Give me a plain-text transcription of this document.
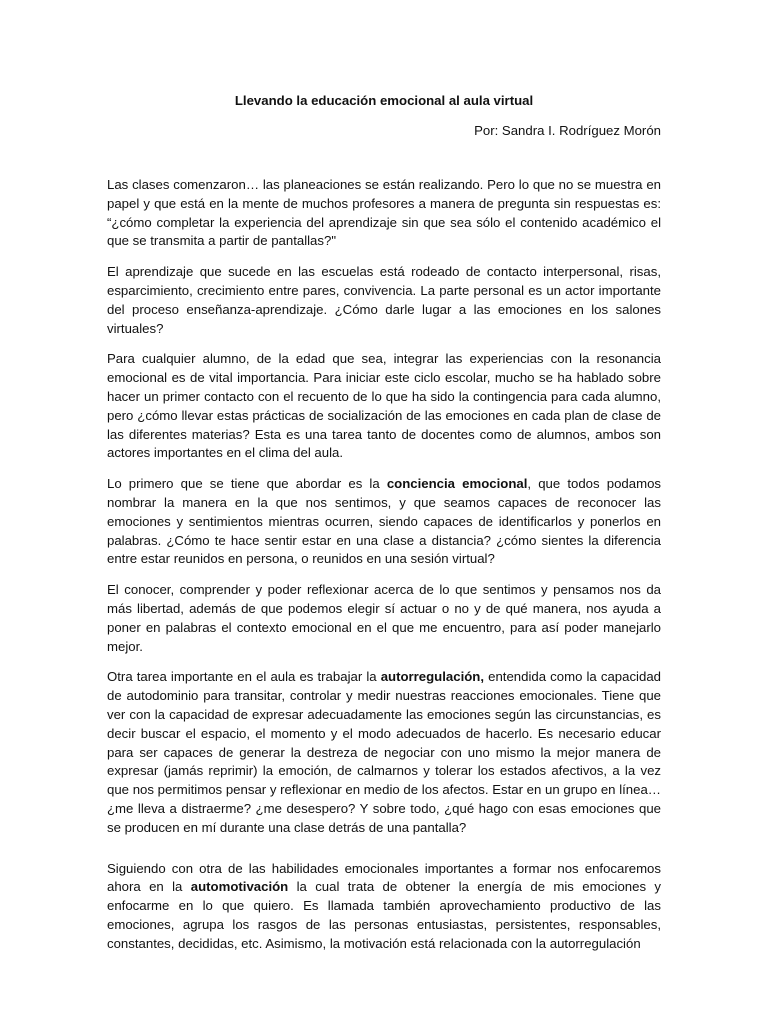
Llevando la educación emocional al aula virtual
Por: Sandra I. Rodríguez Morón

Las clases comenzaron… las planeaciones se están realizando. Pero lo que no se muestra en papel y que está en la mente de muchos profesores a manera de pregunta sin respuestas es: “¿cómo completar la experiencia del aprendizaje sin que sea sólo el contenido académico el que se transmita a partir de pantallas?"

El aprendizaje que sucede en las escuelas está rodeado de contacto interpersonal, risas, esparcimiento, crecimiento entre pares, convivencia. La parte personal es un actor importante del proceso enseñanza-aprendizaje. ¿Cómo darle lugar a las emociones en los salones virtuales?

Para cualquier alumno, de la edad que sea, integrar las experiencias con la resonancia emocional es de vital importancia. Para iniciar este ciclo escolar, mucho se ha hablado sobre hacer un primer contacto con el recuento de lo que ha sido la contingencia para cada alumno, pero ¿cómo llevar estas prácticas de socialización de las emociones en cada plan de clase de las diferentes materias? Esta es una tarea tanto de docentes como de alumnos, ambos son actores importantes en el clima del aula.

Lo primero que se tiene que abordar es la conciencia emocional, que todos podamos nombrar la manera en la que nos sentimos, y que seamos capaces de reconocer las emociones y sentimientos mientras ocurren, siendo capaces de identificarlos y ponerlos en palabras. ¿Cómo te hace sentir estar en una clase a distancia? ¿cómo sientes la diferencia entre estar reunidos en persona, o reunidos en una sesión virtual?

El conocer, comprender y poder reflexionar acerca de lo que sentimos y pensamos nos da más libertad, además de que podemos elegir sí actuar o no y de qué manera, nos ayuda a poner en palabras el contexto emocional en el que me encuentro, para así poder manejarlo mejor.

Otra tarea importante en el aula es trabajar la autorregulación, entendida como la capacidad de autodominio para transitar, controlar y medir nuestras reacciones emocionales. Tiene que ver con la capacidad de expresar adecuadamente las emociones según las circunstancias, es decir buscar el espacio, el momento y el modo adecuados de hacerlo. Es necesario educar para ser capaces de generar la destreza de negociar con uno mismo la mejor manera de expresar (jamás reprimir) la emoción, de calmarnos y tolerar los estados afectivos, a la vez que nos permitimos pensar y reflexionar en medio de los afectos. Estar en un grupo en línea… ¿me lleva a distraerme? ¿me desespero? Y sobre todo, ¿qué hago con esas emociones que se producen en mí durante una clase detrás de una pantalla?

Siguiendo con otra de las habilidades emocionales importantes a formar nos enfocaremos ahora en la automotivación la cual trata de obtener la energía de mis emociones y enfocarme en lo que quiero. Es llamada también aprovechamiento productivo de las emociones, agrupa los rasgos de las personas entusiastas, persistentes, responsables, constantes, decididas, etc. Asimismo, la motivación está relacionada con la autorregulación
